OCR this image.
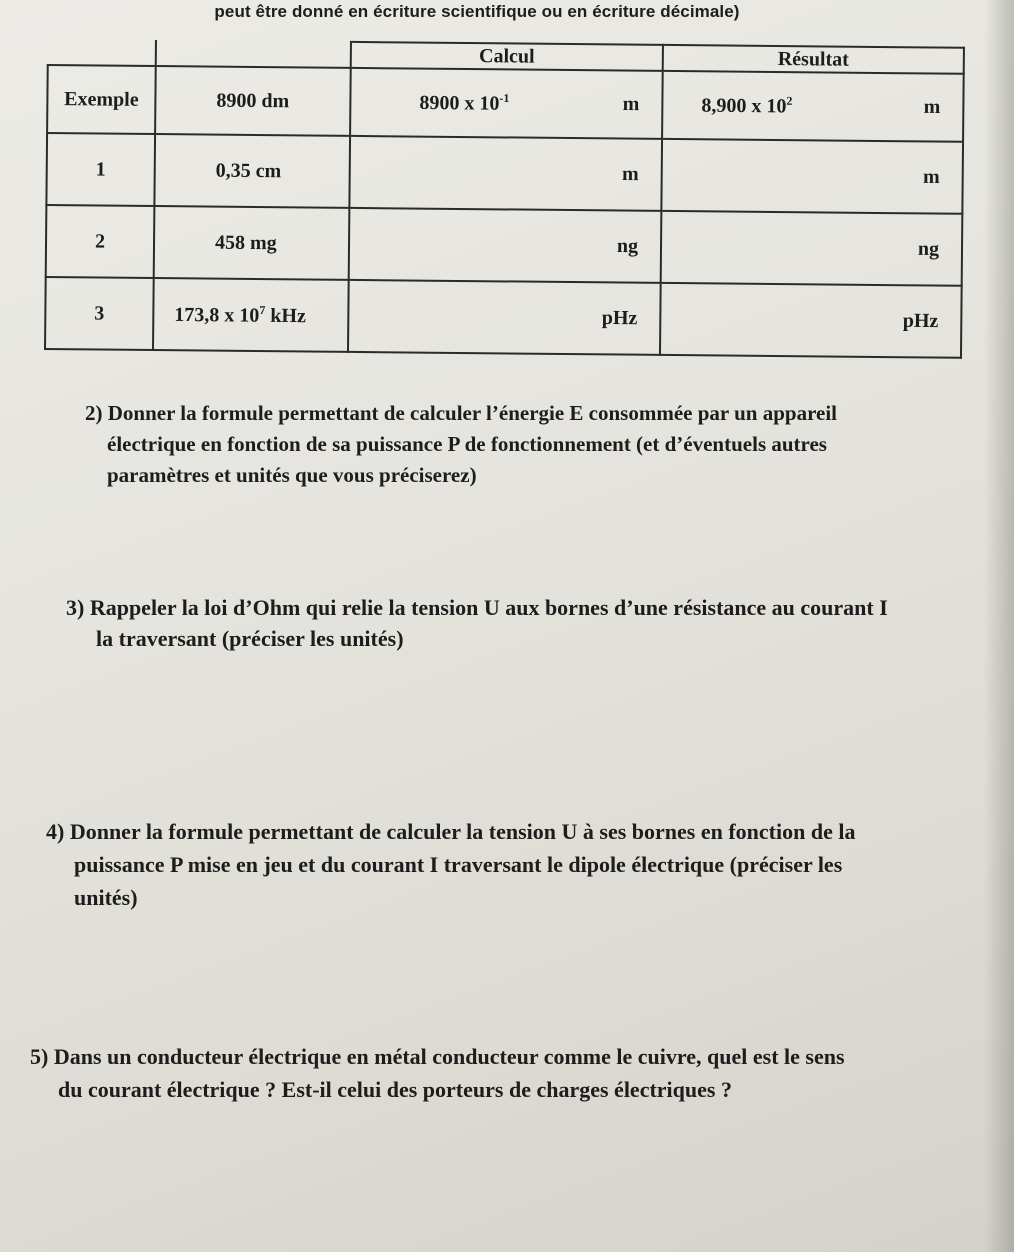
peut être donné en écriture scientifique ou en écriture décimale)
		Calcul	Résultat
Exemple	8900 dm	8900 x $10^{-1}$ m	8,900 x $10^2$ m

1	0,35 cm	m	m

2	458 mg	ng	ng

3	173,8 x $10^7$ kHz	pHz	pHz
2) Donner la formule permettant de calculer l’énergie E consommée par un appareil
électrique en fonction de sa puissance P de fonctionnement (et d’éventuels autres
paramètres et unités que vous préciserez)
3) Rappeler la loi d’Ohm qui relie la tension U aux bornes d’une résistance au courant I
la traversant (préciser les unités)
4) Donner la formule permettant de calculer la tension U à ses bornes en fonction de la
puissance P mise en jeu et du courant I traversant le dipole électrique (préciser les
unités)
5) Dans un conducteur électrique en métal conducteur comme le cuivre, quel est le sens
du courant électrique ? Est-il celui des porteurs de charges électriques ?
